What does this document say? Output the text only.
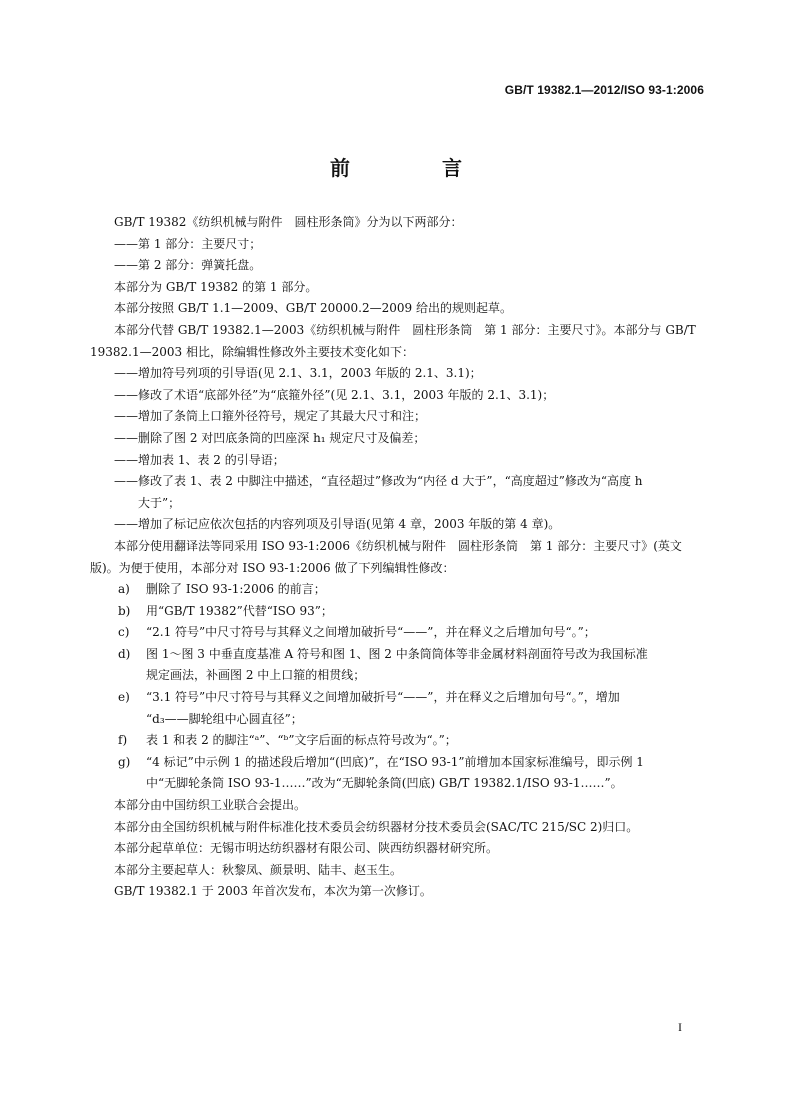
GB/T 19382.1—2012/ISO 93-1:2006
前　言

GB/T 19382《纺织机械与附件　圆柱形条筒》分为以下两部分：

——第 1 部分：主要尺寸；

——第 2 部分：弹簧托盘。

本部分为 GB/T 19382 的第 1 部分。

本部分按照 GB/T 1.1—2009、GB/T 20000.2—2009 给出的规则起草。

本部分代替 GB/T 19382.1—2003《纺织机械与附件　圆柱形条筒　第 1 部分：主要尺寸》。本部分与 GB/T 19382.1—2003 相比，除编辑性修改外主要技术变化如下：

——增加符号列项的引导语(见 2.1、3.1，2003 年版的 2.1、3.1)；

——修改了术语“底部外径”为“底箍外径”(见 2.1、3.1，2003 年版的 2.1、3.1)；

——增加了条筒上口箍外径符号，规定了其最大尺寸和注；

——删除了图 2 对凹底条筒的凹座深 h₁ 规定尺寸及偏差；

——增加表 1、表 2 的引导语；

——修改了表 1、表 2 中脚注中描述，“直径超过”修改为“内径 d 大于”，“高度超过”修改为“高度 h

大于”；

——增加了标记应依次包括的内容列项及引导语(见第 4 章，2003 年版的第 4 章)。

本部分使用翻译法等同采用 ISO 93-1:2006《纺织机械与附件　圆柱形条筒　第 1 部分：主要尺寸》(英文版)。为便于使用，本部分对 ISO 93-1:2006 做了下列编辑性修改：

a) 删除了 ISO 93-1:2006 的前言；

b) 用“GB/T 19382”代替“ISO 93”；

c) “2.1 符号”中尺寸符号与其释义之间增加破折号“——”，并在释义之后增加句号“。”；

d) 图 1～图 3 中垂直度基准 A 符号和图 1、图 2 中条筒筒体等非金属材料剖面符号改为我国标准

规定画法，补画图 2 中上口箍的相贯线；

e) “3.1 符号”中尺寸符号与其释义之间增加破折号“——”，并在释义之后增加句号“。”，增加

“d₃——脚轮组中心圆直径”；

f) 表 1 和表 2 的脚注“ᵃ”、“ᵇ”文字后面的标点符号改为“。”；

g) “4 标记”中示例 1 的描述段后增加“(凹底)”，在“ISO 93-1”前增加本国家标准编号，即示例 1

中“无脚轮条筒 ISO 93-1……”改为“无脚轮条筒(凹底) GB/T 19382.1/ISO 93-1……”。

本部分由中国纺织工业联合会提出。

本部分由全国纺织机械与附件标准化技术委员会纺织器材分技术委员会(SAC/TC 215/SC 2)归口。

本部分起草单位：无锡市明达纺织器材有限公司、陕西纺织器材研究所。

本部分主要起草人：秋黎凤、颜景明、陆丰、赵玉生。

GB/T 19382.1 于 2003 年首次发布，本次为第一次修订。

I
